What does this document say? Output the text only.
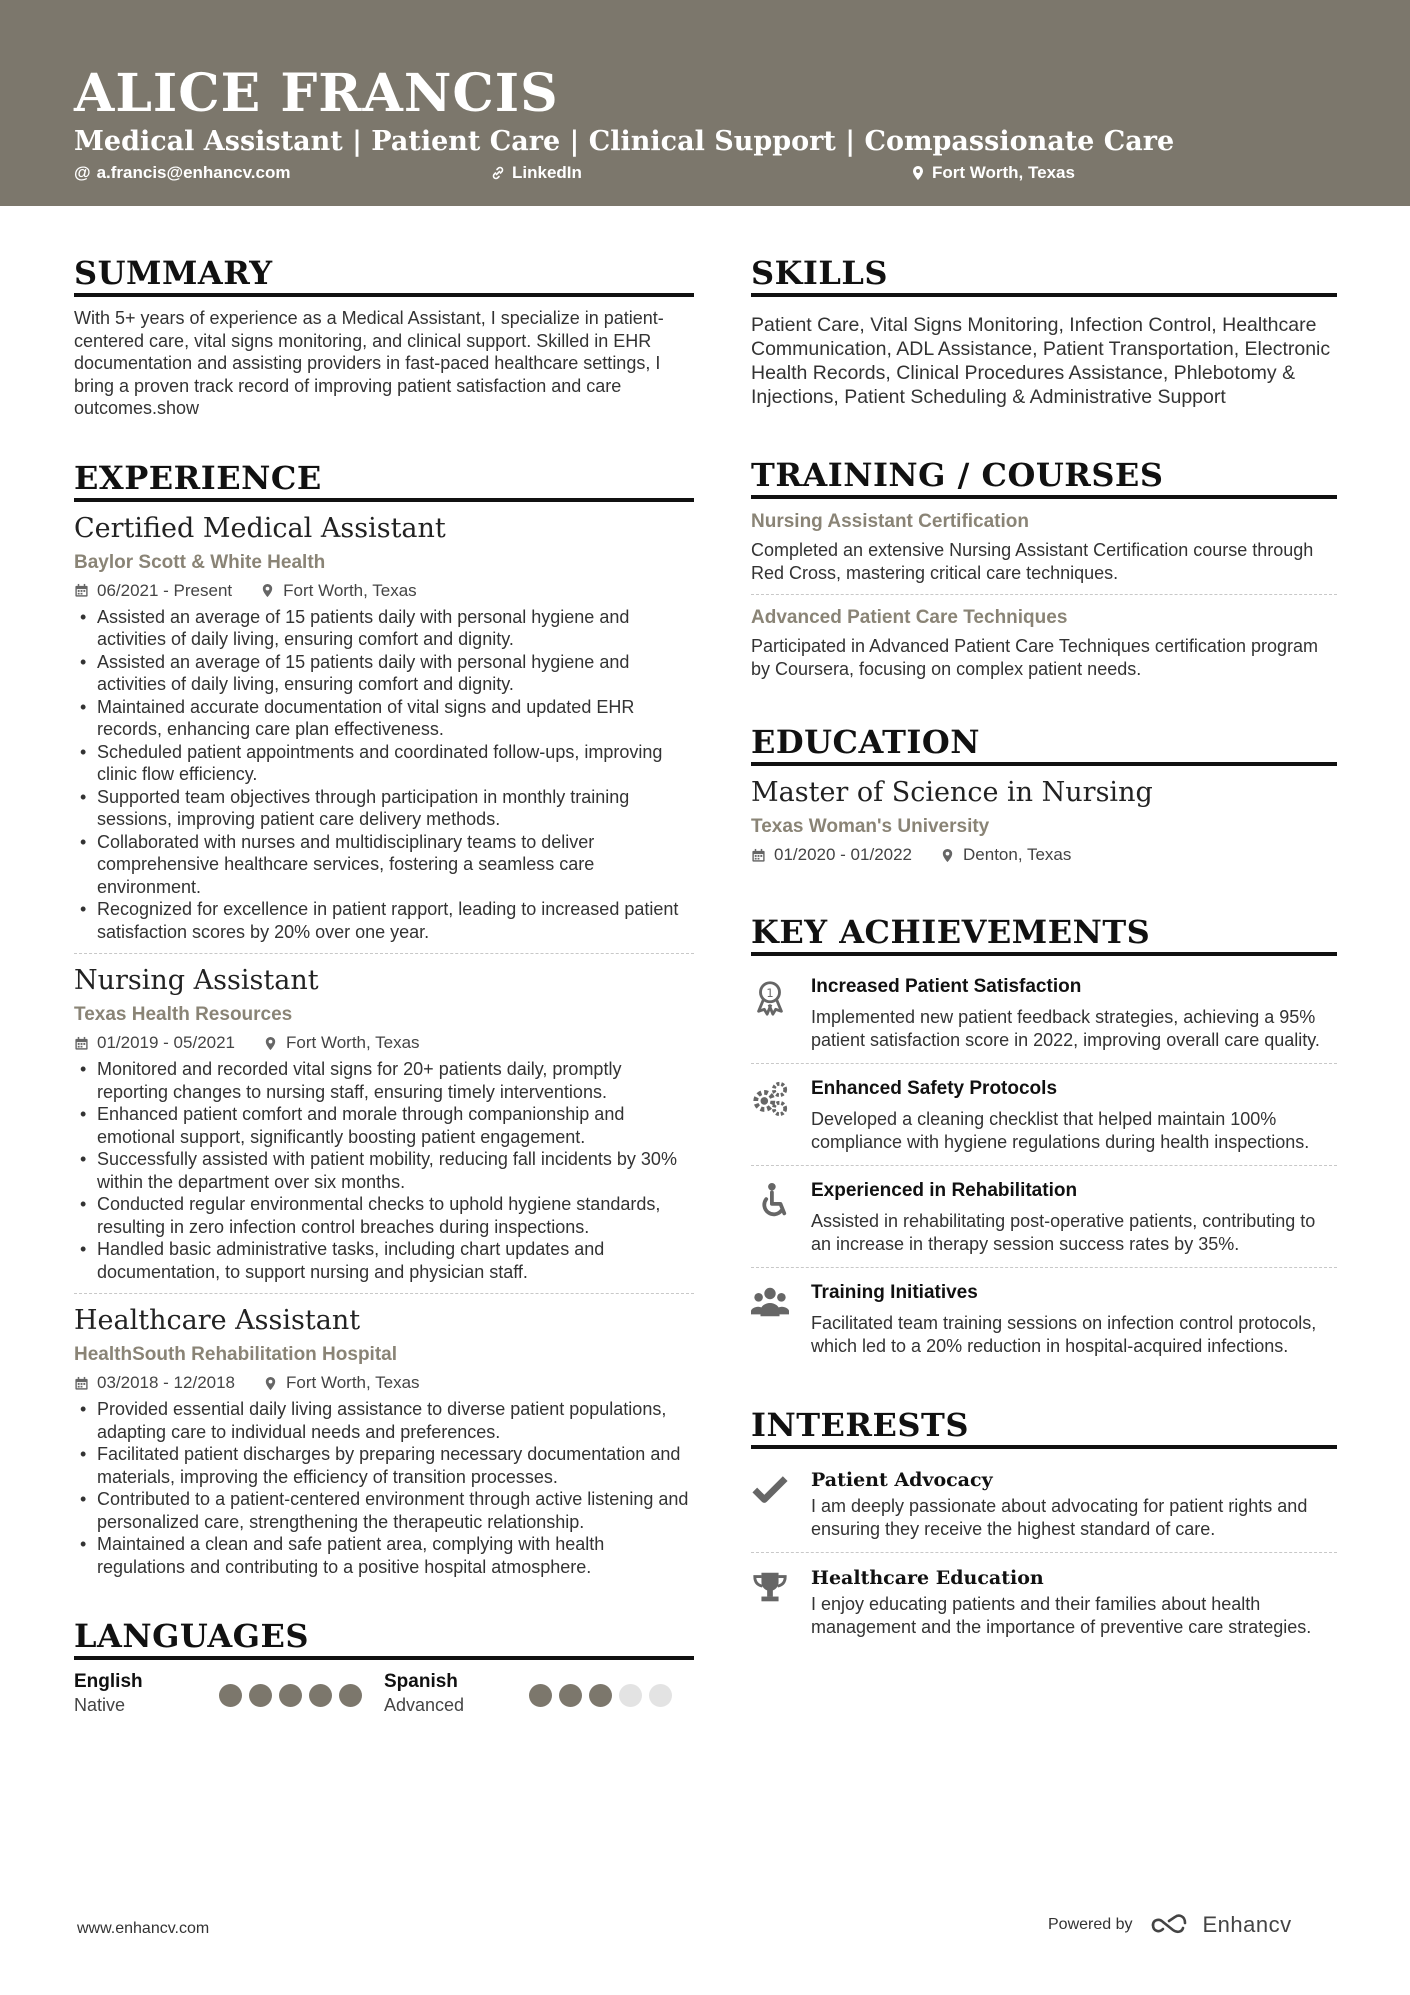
ALICE FRANCIS
Medical Assistant | Patient Care | Clinical Support | Compassionate Care
@ a.francis@enhancv.com	LinkedIn	Fort Worth, Texas
SUMMARY
With 5+ years of experience as a Medical Assistant, I specialize in patient-centered care, vital signs monitoring, and clinical support. Skilled in EHR documentation and assisting providers in fast-paced healthcare settings, I bring a proven track record of improving patient satisfaction and care outcomes.show
EXPERIENCE
Certified Medical Assistant
Baylor Scott & White Health
06/2021 - Present	Fort Worth, Texas
• Assisted an average of 15 patients daily with personal hygiene and activities of daily living, ensuring comfort and dignity.
• Assisted an average of 15 patients daily with personal hygiene and activities of daily living, ensuring comfort and dignity.
• Maintained accurate documentation of vital signs and updated EHR records, enhancing care plan effectiveness.
• Scheduled patient appointments and coordinated follow-ups, improving clinic flow efficiency.
• Supported team objectives through participation in monthly training sessions, improving patient care delivery methods.
• Collaborated with nurses and multidisciplinary teams to deliver comprehensive healthcare services, fostering a seamless care environment.
• Recognized for excellence in patient rapport, leading to increased patient satisfaction scores by 20% over one year.
Nursing Assistant
Texas Health Resources
01/2019 - 05/2021	Fort Worth, Texas
• Monitored and recorded vital signs for 20+ patients daily, promptly reporting changes to nursing staff, ensuring timely interventions.
• Enhanced patient comfort and morale through companionship and emotional support, significantly boosting patient engagement.
• Successfully assisted with patient mobility, reducing fall incidents by 30% within the department over six months.
• Conducted regular environmental checks to uphold hygiene standards, resulting in zero infection control breaches during inspections.
• Handled basic administrative tasks, including chart updates and documentation, to support nursing and physician staff.
Healthcare Assistant
HealthSouth Rehabilitation Hospital
03/2018 - 12/2018	Fort Worth, Texas
• Provided essential daily living assistance to diverse patient populations, adapting care to individual needs and preferences.
• Facilitated patient discharges by preparing necessary documentation and materials, improving the efficiency of transition processes.
• Contributed to a patient-centered environment through active listening and personalized care, strengthening the therapeutic relationship.
• Maintained a clean and safe patient area, complying with health regulations and contributing to a positive hospital atmosphere.
LANGUAGES
English
Native
Spanish
Advanced
SKILLS
Patient Care, Vital Signs Monitoring, Infection Control, Healthcare Communication, ADL Assistance, Patient Transportation, Electronic Health Records, Clinical Procedures Assistance, Phlebotomy & Injections, Patient Scheduling & Administrative Support
TRAINING / COURSES
Nursing Assistant Certification
Completed an extensive Nursing Assistant Certification course through Red Cross, mastering critical care techniques.
Advanced Patient Care Techniques
Participated in Advanced Patient Care Techniques certification program by Coursera, focusing on complex patient needs.
EDUCATION
Master of Science in Nursing
Texas Woman's University
01/2020 - 01/2022	Denton, Texas
KEY ACHIEVEMENTS
1 Increased Patient Satisfaction
Implemented new patient feedback strategies, achieving a 95% patient satisfaction score in 2022, improving overall care quality.
Enhanced Safety Protocols
Developed a cleaning checklist that helped maintain 100% compliance with hygiene regulations during health inspections.
Experienced in Rehabilitation
Assisted in rehabilitating post-operative patients, contributing to an increase in therapy session success rates by 35%.
Training Initiatives
Facilitated team training sessions on infection control protocols, which led to a 20% reduction in hospital-acquired infections.
INTERESTS
Patient Advocacy
I am deeply passionate about advocating for patient rights and ensuring they receive the highest standard of care.
Healthcare Education
I enjoy educating patients and their families about health management and the importance of preventive care strategies.
www.enhancv.com	Powered by	Enhancv
